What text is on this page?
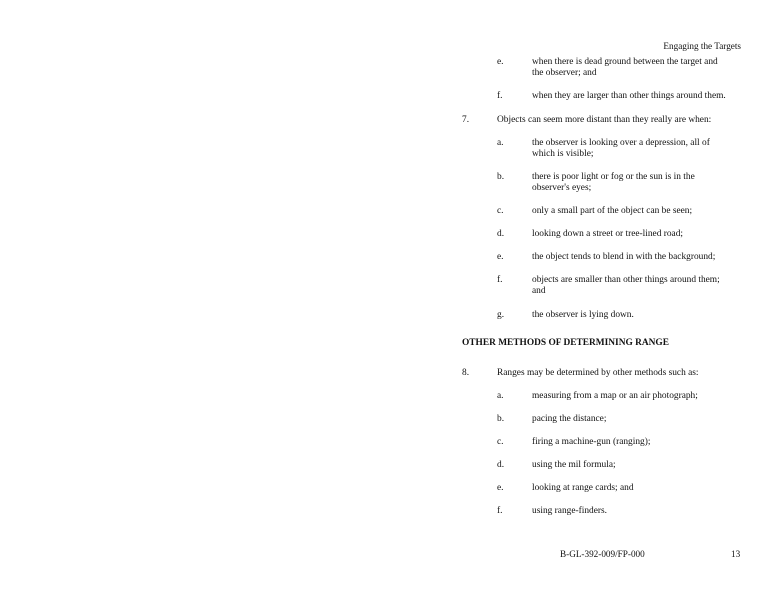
Engaging the Targets
e.	when there is dead ground between the target and
the observer; and
f.	when they are larger than other things around them.
7.	Objects can seem more distant than they really are when:
a.	the observer is looking over a depression, all of
which is visible;
b.	there is poor light or fog or the sun is in the
observer's eyes;
c.	only a small part of the object can be seen;
d.	looking down a street or tree-lined road;
e.	the object tends to blend in with the background;
f.	objects are smaller than other things around them;
and
g.	the observer is lying down.
OTHER METHODS OF DETERMINING RANGE
8.	Ranges may be determined by other methods such as:
a.	measuring from a map or an air photograph;
b.	pacing the distance;
c.	firing a machine-gun (ranging);
d.	using the mil formula;
e.	looking at range cards; and
f.	using range-finders.
B-GL-392-009/FP-000	13
